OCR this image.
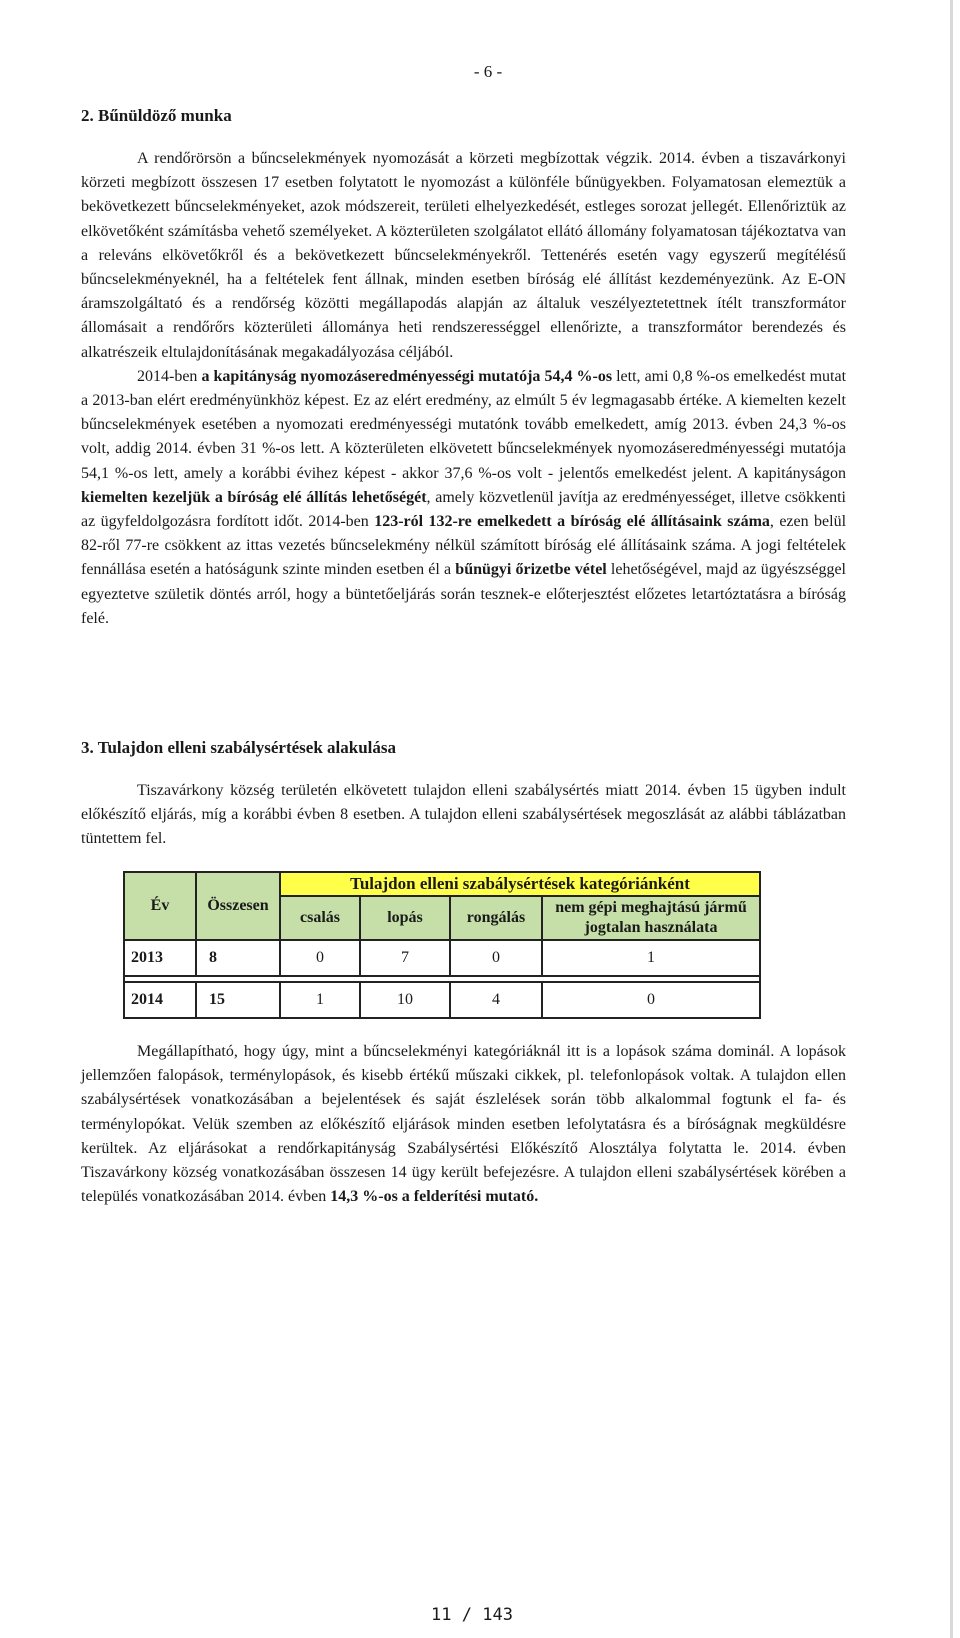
- 6 -

2. Bűnüldöző munka

A rendőrörsön a bűncselekmények nyomozását a körzeti megbízottak végzik. 2014. évben a tiszavárkonyi körzeti megbízott összesen 17 esetben folytatott le nyomozást a különféle bűnügyekben. Folyamatosan elemeztük a bekövetkezett bűncselekményeket, azok módszereit, területi elhelyezkedését, estleges sorozat jellegét. Ellenőriztük az elkövetőként számításba vehető személyeket. A közterületen szolgálatot ellátó állomány folyamatosan tájékoztatva van a releváns elkövetőkről és a bekövetkezett bűncselekményekről. Tettenérés esetén vagy egyszerű megítélésű bűncselekményeknél, ha a feltételek fent állnak, minden esetben bíróság elé állítást kezdeményezünk. Az E-ON áramszolgáltató és a rendőrség közötti megállapodás alapján az általuk veszélyeztetettnek ítélt transzformátor állomásait a rendőrőrs közterületi állománya heti rendszerességgel ellenőrizte, a transzformátor berendezés és alkatrészeik eltulajdonításának megakadályozása céljából.

2014-ben a kapitányság nyomozáseredményességi mutatója 54,4 %-os lett, ami 0,8 %-os emelkedést mutat a 2013-ban elért eredményünkhöz képest. Ez az elért eredmény, az elmúlt 5 év legmagasabb értéke. A kiemelten kezelt bűncselekmények esetében a nyomozati eredményességi mutatónk tovább emelkedett, amíg 2013. évben 24,3 %-os volt, addig 2014. évben 31 %-os lett. A közterületen elkövetett bűncselekmények nyomozáseredményességi mutatója 54,1 %-os lett, amely a korábbi évihez képest - akkor 37,6 %-os volt - jelentős emelkedést jelent. A kapitányságon kiemelten kezeljük a bíróság elé állítás lehetőségét, amely közvetlenül javítja az eredményességet, illetve csökkenti az ügyfeldolgozásra fordított időt. 2014-ben 123-ról 132-re emelkedett a bíróság elé állításaink száma, ezen belül 82-ről 77-re csökkent az ittas vezetés bűncselekmény nélkül számított bíróság elé állításaink száma. A jogi feltételek fennállása esetén a hatóságunk szinte minden esetben él a bűnügyi őrizetbe vétel lehetőségével, majd az ügyészséggel egyeztetve születik döntés arról, hogy a büntetőeljárás során tesznek-e előterjesztést előzetes letartóztatásra a bíróság felé.

3. Tulajdon elleni szabálysértések alakulása

Tiszavárkony község területén elkövetett tulajdon elleni szabálysértés miatt 2014. évben 15 ügyben indult előkészítő eljárás, míg a korábbi évben 8 esetben. A tulajdon elleni szabálysértések megoszlását az alábbi táblázatban tüntettem fel.

Év	Összesen	Tulajdon elleni szabálysértések kategóriánként			
		csalás	lopás	rongálás	nem gépi meghajtású jármű jogtalan használata
2013	8	0	7	0	1

2014	15	1	10	4	0

Megállapítható, hogy úgy, mint a bűncselekményi kategóriáknál itt is a lopások száma dominál. A lopások jellemzően falopások, terménylopások, és kisebb értékű műszaki cikkek, pl. telefonlopások voltak. A tulajdon ellen szabálysértések vonatkozásában a bejelentések és saját észlelések során több alkalommal fogtunk el fa- és terménylopókat. Velük szemben az előkészítő eljárások minden esetben lefolytatásra és a bíróságnak megküldésre kerültek. Az eljárásokat a rendőrkapitányság Szabálysértési Előkészítő Alosztálya folytatta le. 2014. évben Tiszavárkony község vonatkozásában összesen 14 ügy került befejezésre. A tulajdon elleni szabálysértések körében a település vonatkozásában 2014. évben 14,3 %-os a felderítési mutató.

11 / 143
